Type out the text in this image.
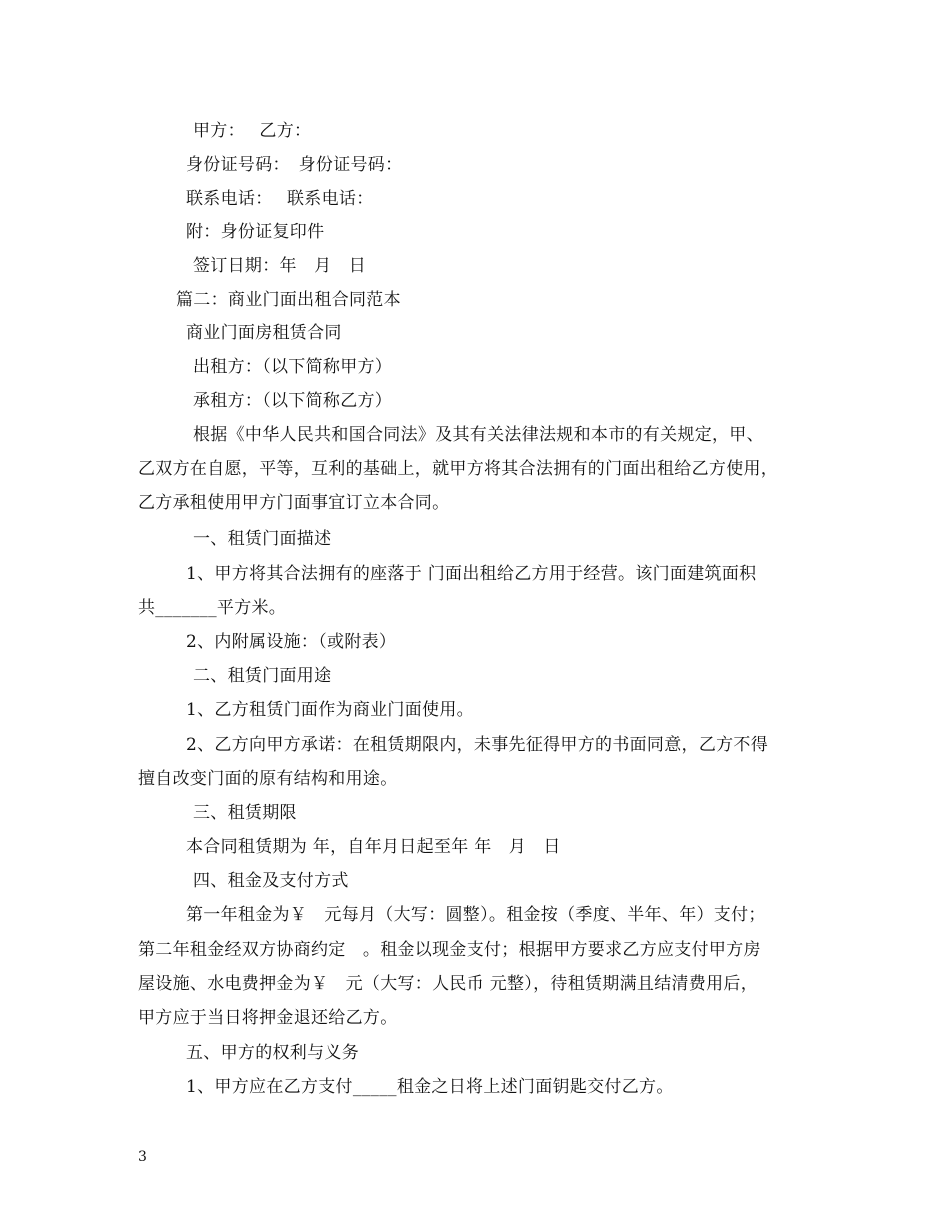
甲方：　 乙方：
身份证号码：　身份证号码：
联系电话：　 联系电话：
附：身份证复印件
签订日期：年　月　日
篇二：商业门面出租合同范本
商业门面房租赁合同
出租方：（以下简称甲方）
承租方：（以下简称乙方）
根据《中华人民共和国合同法》及其有关法律法规和本市的有关规定，甲、
乙双方在自愿，平等，互利的基础上，就甲方将其合法拥有的门面出租给乙方使用，
乙方承租使用甲方门面事宜订立本合同。
一、租赁门面描述
1、甲方将其合法拥有的座落于 门面出租给乙方用于经营。该门面建筑面积
共_______平方米。
2、内附属设施：（或附表）
二、租赁门面用途
1、乙方租赁门面作为商业门面使用。
2、乙方向甲方承诺：在租赁期限内，未事先征得甲方的书面同意，乙方不得
擅自改变门面的原有结构和用途。
三、租赁期限
本合同租赁期为 年，自年月日起至年 年　月　日
四、租金及支付方式
第一年租金为￥　元每月（大写：圆整）。租金按（季度、半年、年）支付；
第二年租金经双方协商约定　。租金以现金支付；根据甲方要求乙方应支付甲方房
屋设施、水电费押金为￥　元（大写：人民币 元整），待租赁期满且结清费用后，
甲方应于当日将押金退还给乙方。
五、甲方的权利与义务
1、甲方应在乙方支付_____租金之日将上述门面钥匙交付乙方。
3
